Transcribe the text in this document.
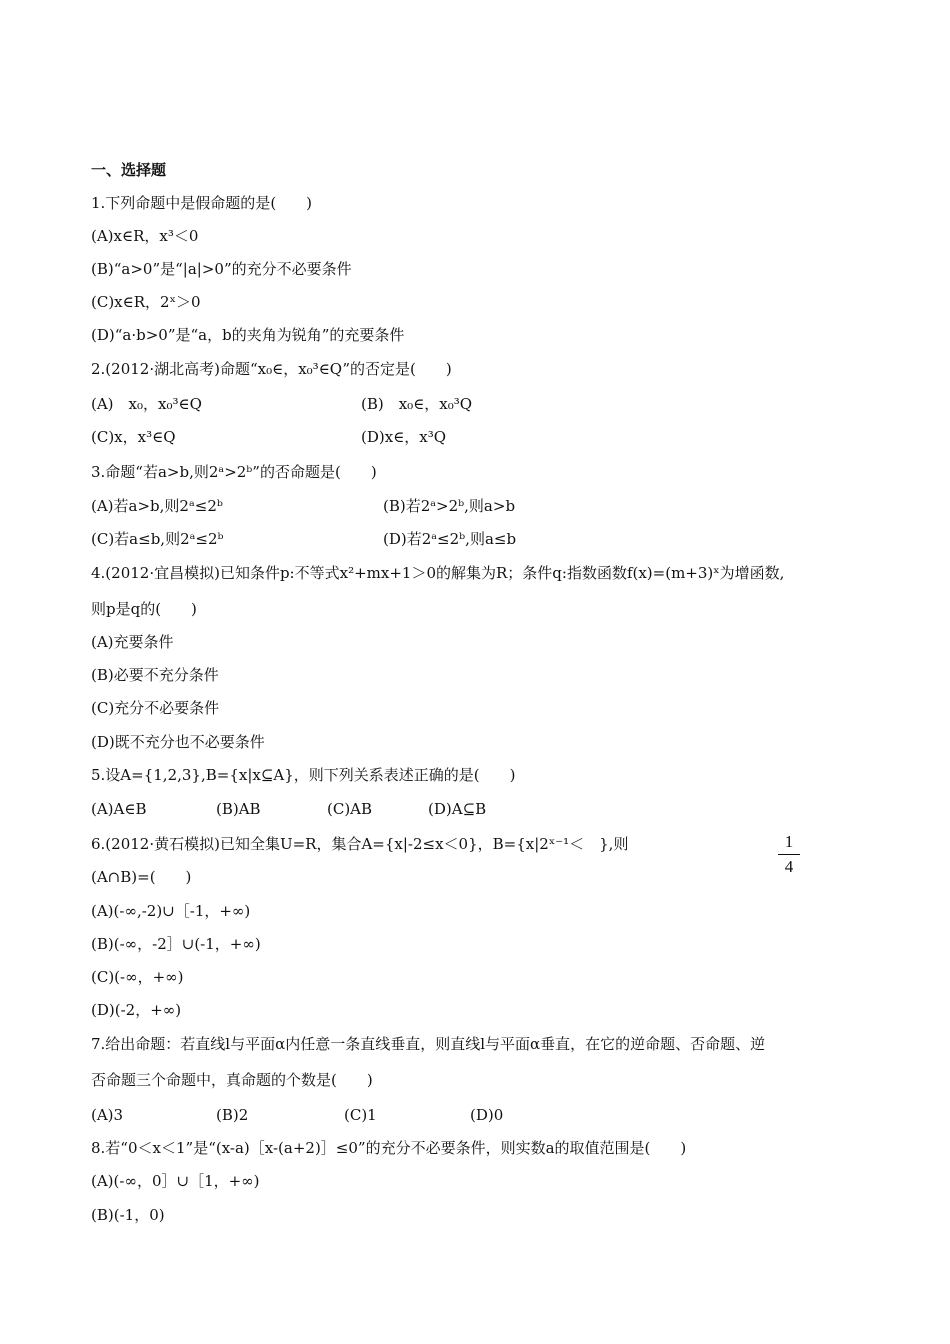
一、选择题
1.下列命题中是假命题的是(　　)
(A)x∈R，x³＜0
(B)“a>0”是“|a|>0”的充分不必要条件
(C)x∈R，2ˣ＞0
(D)“a·b>0”是“a，b的夹角为锐角”的充要条件
2.(2012·湖北高考)命题“x₀∈，x₀³∈Q”的否定是(　　)
(A)　x₀，x₀³∈Q	(B)　x₀∈，x₀³Q
(C)x，x³∈Q	(D)x∈，x³Q
3.命题“若a>b,则2ᵃ>2ᵇ”的否命题是(　　)
(A)若a>b,则2ᵃ≤2ᵇ	(B)若2ᵃ>2ᵇ,则a>b
(C)若a≤b,则2ᵃ≤2ᵇ	(D)若2ᵃ≤2ᵇ,则a≤b
4.(2012·宜昌模拟)已知条件p:不等式x²+mx+1＞0的解集为R；条件q:指数函数f(x)=(m+3)ˣ为增函数,
则p是q的(　　)
(A)充要条件
(B)必要不充分条件
(C)充分不必要条件
(D)既不充分也不必要条件
5.设A={1,2,3},B={x|x⊆A}，则下列关系表述正确的是(　　)
(A)A∈B	(B)AB	(C)AB	(D)A⊆B
6.(2012·黄石模拟)已知全集U=R，集合A={x|-2≤x＜0}，B={x|2ˣ⁻¹＜　},则	1
4
(A∩B)=(　　)
(A)(-∞,-2)∪［-1，+∞)
(B)(-∞，-2］∪(-1，+∞)
(C)(-∞，+∞)
(D)(-2，+∞)
7.给出命题：若直线l与平面α内任意一条直线垂直，则直线l与平面α垂直，在它的逆命题、否命题、逆
否命题三个命题中，真命题的个数是(　　)
(A)3	(B)2	(C)1	(D)0
8.若“0＜x＜1”是“(x-a)［x-(a+2)］≤0”的充分不必要条件，则实数a的取值范围是(　　)
(A)(-∞，0］∪［1，+∞)
(B)(-1，0)
